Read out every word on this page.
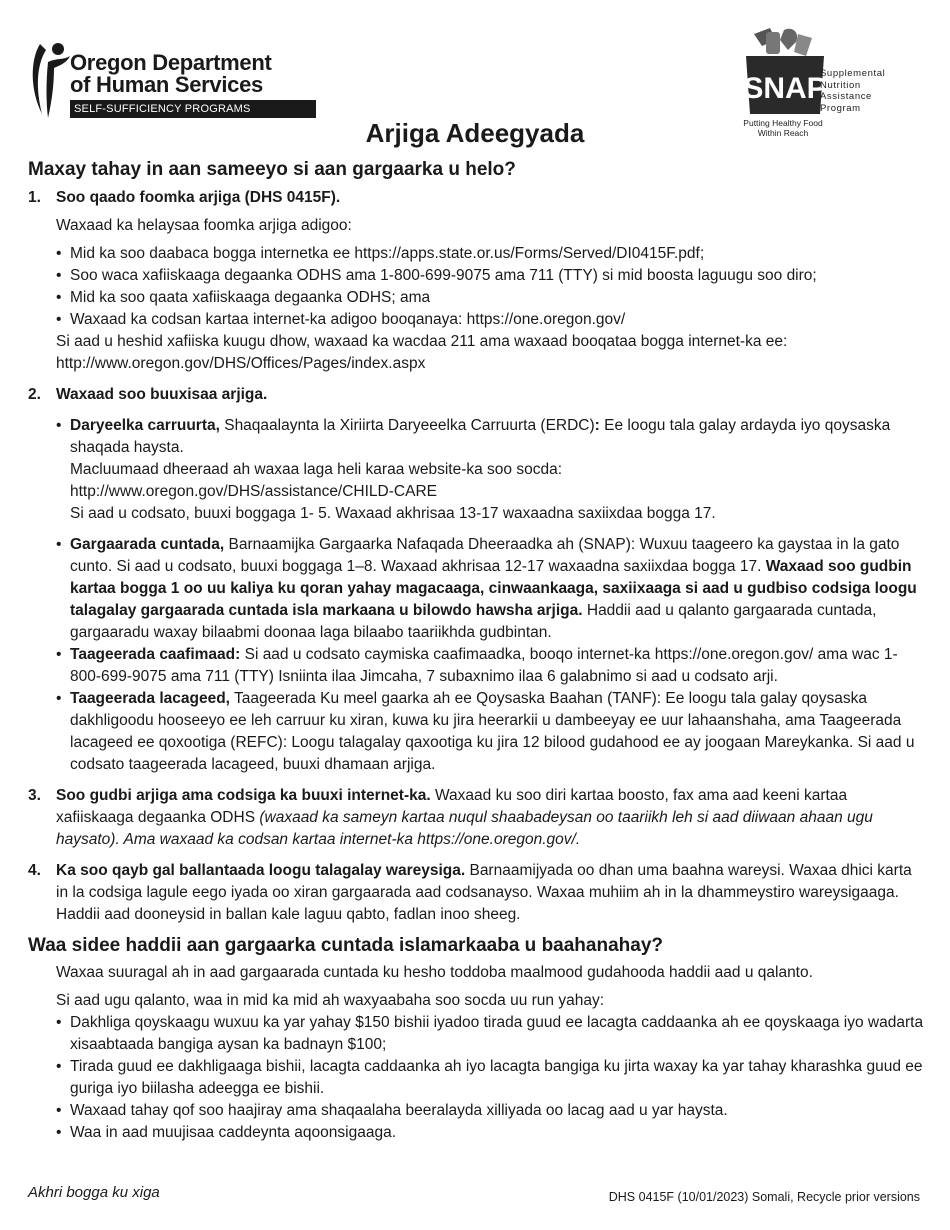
Oregon Department
of Human Services
SELF-SUFFICIENCY PROGRAMS
SNAP
Supplemental
Nutrition
Assistance
Program
Putting Healthy Food Within Reach
Arjiga Adeegyada
Maxay tahay in aan sameeyo si aan gargaarka u helo?
1. Soo qaado foomka arjiga (DHS 0415F).
Waxaad ka helaysaa foomka arjiga adigoo:
• Mid ka soo daabaca bogga internetka ee https://apps.state.or.us/Forms/Served/DI0415F.pdf;
• Soo waca xafiiskaaga degaanka ODHS ama 1-800-699-9075 ama 711 (TTY) si mid boosta laguugu soo diro;
• Mid ka soo qaata xafiiskaaga degaanka ODHS; ama
• Waxaad ka codsan kartaa internet-ka adigoo booqanaya: https://one.oregon.gov/
Si aad u heshid xafiiska kuugu dhow, waxaad ka wacdaa 211 ama waxaad booqataa bogga internet-ka ee:
http://www.oregon.gov/DHS/Offices/Pages/index.aspx
2. Waxaad soo buuxisaa arjiga.
• Daryeelka carruurta, Shaqaalaynta la Xiriirta Daryeeelka Carruurta (ERDC): Ee loogu tala galay ardayda iyo qoysaska shaqada haysta.
Macluumaad dheeraad ah waxaa laga heli karaa website-ka soo socda:
http://www.oregon.gov/DHS/assistance/CHILD-CARE
Si aad u codsato, buuxi boggaga 1- 5. Waxaad akhrisaa 13-17 waxaadna saxiixdaa bogga 17.
• Gargaarada cuntada, Barnaamijka Gargaarka Nafaqada Dheeraadka ah (SNAP): Wuxuu taageero ka gaystaa in la gato cunto. Si aad u codsato, buuxi boggaga 1–8. Waxaad akhrisaa 12-17 waxaadna saxiixdaa bogga 17. Waxaad soo gudbin kartaa bogga 1 oo uu kaliya ku qoran yahay magacaaga, cinwaankaaga, saxiixaaga si aad u gudbiso codsiga loogu talagalay gargaarada cuntada isla markaana u bilowdo hawsha arjiga. Haddii aad u qalanto gargaarada cuntada, gargaaradu waxay bilaabmi doonaa laga bilaabo taariikhda gudbintan.
• Taageerada caafimaad: Si aad u codsato caymiska caafimaadka, booqo internet-ka https://one.oregon.gov/ ama wac 1-800-699-9075 ama 711 (TTY) Isniinta ilaa Jimcaha, 7 subaxnimo ilaa 6 galabnimo si aad u codsato arji.
• Taageerada lacageed, Taageerada Ku meel gaarka ah ee Qoysaska Baahan (TANF): Ee loogu tala galay qoysaska dakhligoodu hooseeyo ee leh carruur ku xiran, kuwa ku jira heerarkii u dambeeyay ee uur lahaanshaha, ama Taageerada lacageed ee qoxootiga (REFC): Loogu talagalay qaxootiga ku jira 12 bilood gudahood ee ay joogaan Mareykanka. Si aad u codsato taageerada lacageed, buuxi dhamaan arjiga.
3. Soo gudbi arjiga ama codsiga ka buuxi internet-ka. Waxaad ku soo diri kartaa boosto, fax ama aad keeni kartaa xafiiskaaga degaanka ODHS (waxaad ka sameyn kartaa nuqul shaabadeysan oo taariikh leh si aad diiwaan ahaan ugu haysato). Ama waxaad ka codsan kartaa internet-ka https://one.oregon.gov/.
4. Ka soo qayb gal ballantaada loogu talagalay wareysiga. Barnaamijyada oo dhan uma baahna wareysi. Waxaa dhici karta in la codsiga lagule eego iyada oo xiran gargaarada aad codsanayso. Waxaa muhiim ah in la dhammeystiro wareysigaaga. Haddii aad dooneysid in ballan kale laguu qabto, fadlan inoo sheeg.
Waa sidee haddii aan gargaarka cuntada islamarkaaba u baahanahay?
Waxaa suuragal ah in aad gargaarada cuntada ku hesho toddoba maalmood gudahooda haddii aad u qalanto.
Si aad ugu qalanto, waa in mid ka mid ah waxyaabaha soo socda uu run yahay:
• Dakhliga qoyskaagu wuxuu ka yar yahay $150 bishii iyadoo tirada guud ee lacagta caddaanka ah ee qoyskaaga iyo wadarta xisaabtaada bangiga aysan ka badnayn $100;
• Tirada guud ee dakhligaaga bishii, lacagta caddaanka ah iyo lacagta bangiga ku jirta waxay ka yar tahay kharashka guud ee guriga iyo biilasha adeegga ee bishii.
• Waxaad tahay qof soo haajiray ama shaqaalaha beeralayda xilliyada oo lacag aad u yar haysta.
• Waa in aad muujisaa caddeynta aqoonsigaaga.
Akhri bogga ku xiga	DHS 0415F (10/01/2023) Somali, Recycle prior versions
